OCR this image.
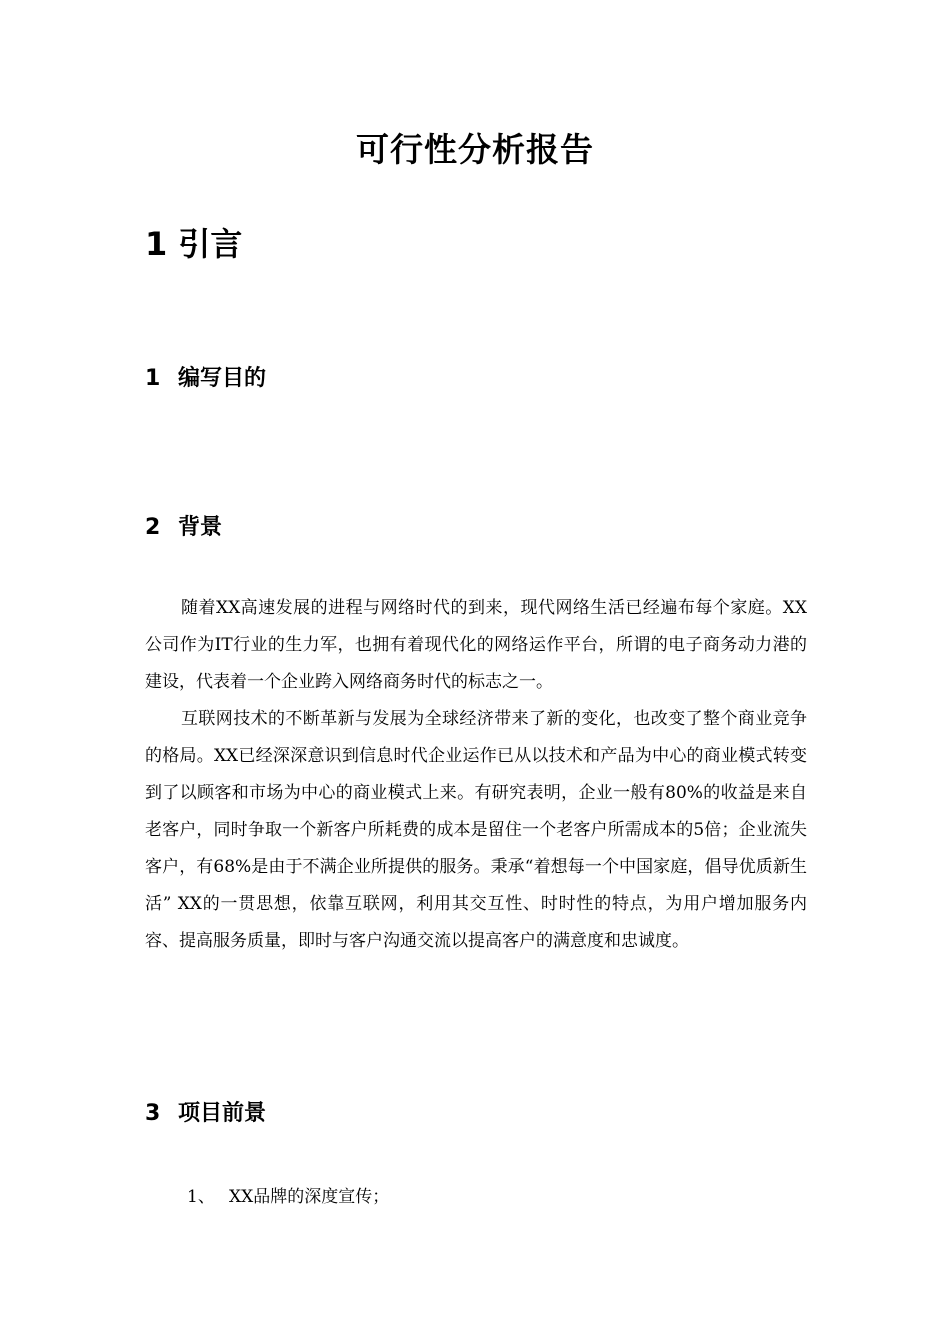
可行性分析报告
1 引言
1 编写目的
2 背景

随着XX高速发展的进程与网络时代的到来，现代网络生活已经遍布每个家庭。XX公司作为IT行业的生力军，也拥有着现代化的网络运作平台，所谓的电子商务动力港的建设，代表着一个企业跨入网络商务时代的标志之一。

互联网技术的不断革新与发展为全球经济带来了新的变化，也改变了整个商业竞争的格局。XX已经深深意识到信息时代企业运作已从以技术和产品为中心的商业模式转变到了以顾客和市场为中心的商业模式上来。有研究表明，企业一般有80%的收益是来自老客户，同时争取一个新客户所耗费的成本是留住一个老客户所需成本的5倍；企业流失客户，有68%是由于不满企业所提供的服务。秉承“着想每一个中国家庭，倡导优质新生活” XX的一贯思想，依靠互联网，利用其交互性、时时性的特点，为用户增加服务内容、提高服务质量，即时与客户沟通交流以提高客户的满意度和忠诚度。

3 项目前景
1、 XX品牌的深度宣传；
